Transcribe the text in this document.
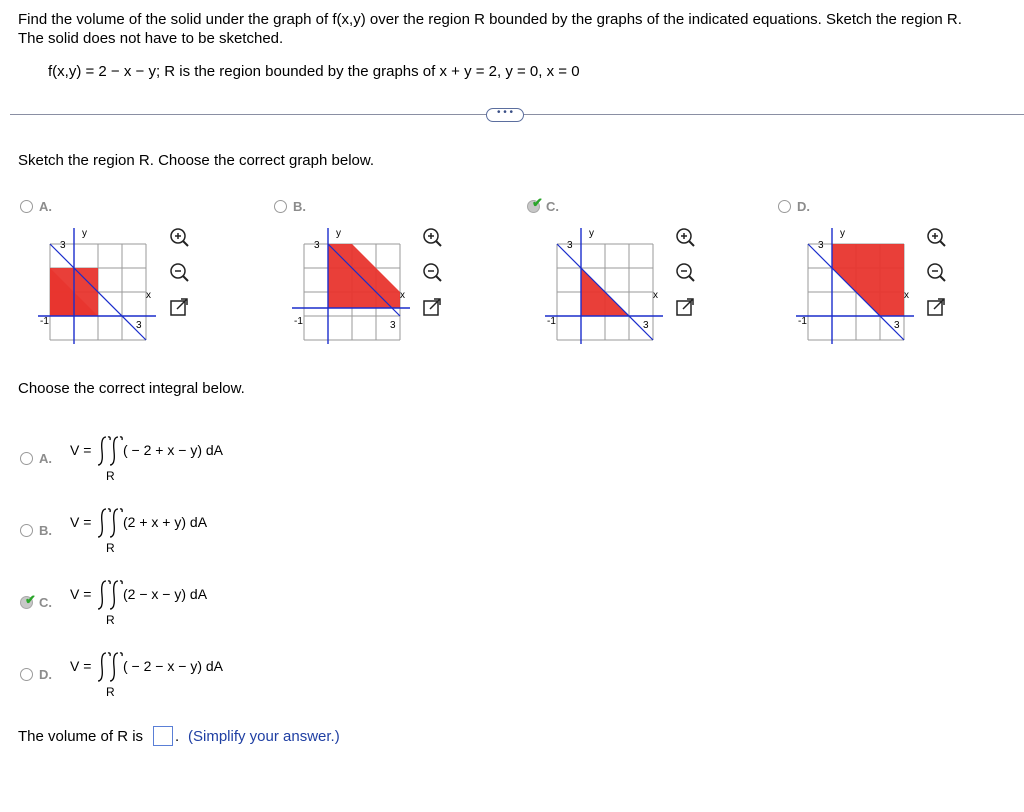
Find the volume of the solid under the graph of f(x,y) over the region R bounded by the graphs of the indicated equations. Sketch the region R.
The solid does not have to be sketched.
f(x,y) = 2 − x − y; R is the region bounded by the graphs of x + y = 2, y = 0, x = 0
• • •
Sketch the region R. Choose the correct graph below.
A.	B.	✔ C.	D.
y
x
3
3
-1
y
x
3
3
-1
y
x
3
3
-1
y
x
3
3
-1

Choose the correct integral below.
A.
V = ( − 2 + x − y) dA
R
B.
V = (2 + x + y) dA
R
✔ C.
V = (2 − x − y) dA
R
D.
V = ( − 2 − x − y) dA
R
The volume of R is . (Simplify your answer.)
